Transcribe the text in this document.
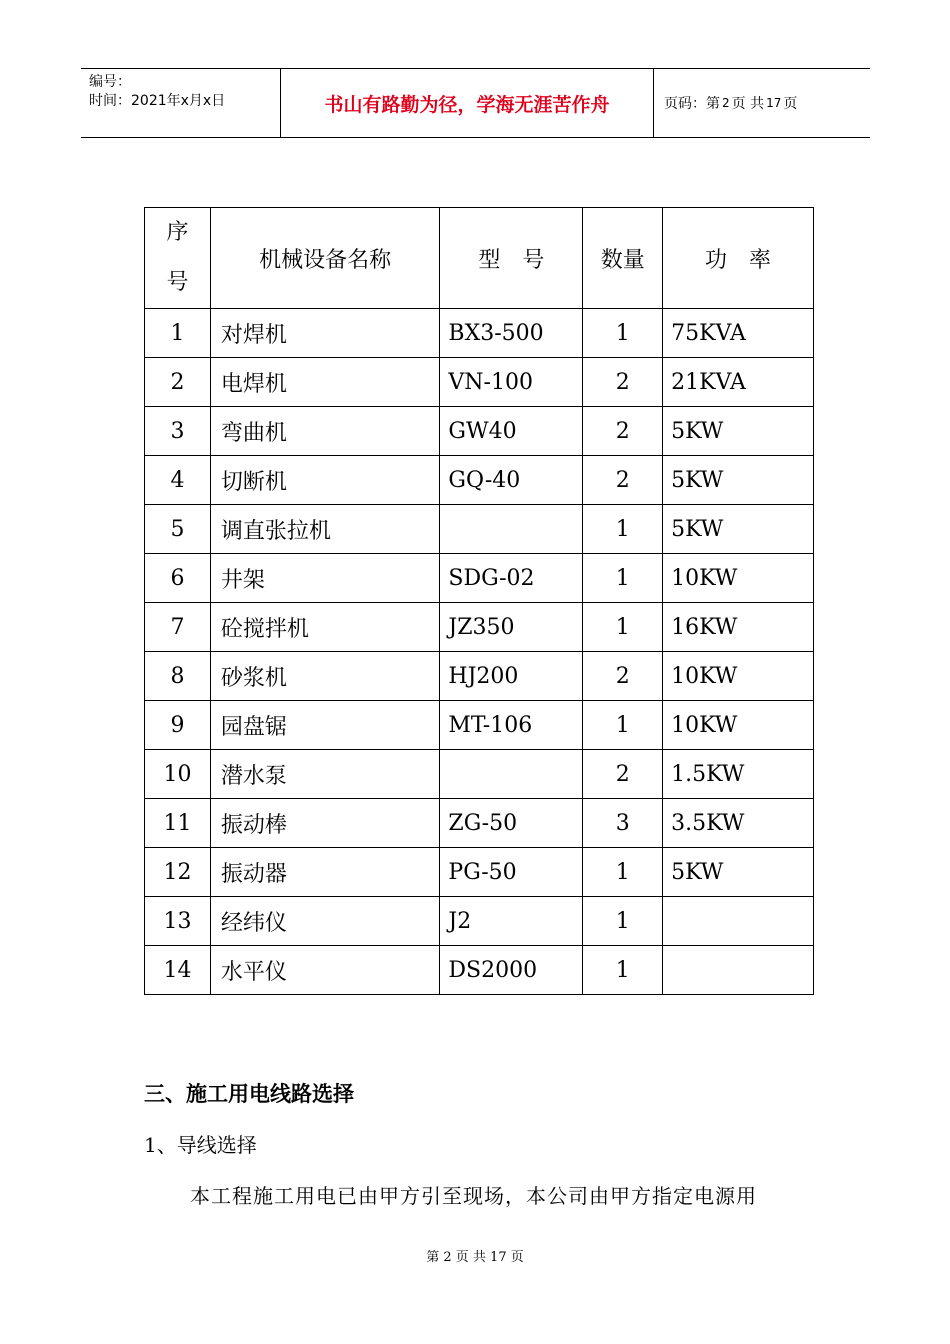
编号：
时间：2021年x月x日	书山有路勤为径，学海无涯苦作舟	页码：第 2 页 共 17 页
序
号	机械设备名称	型　号	数量	功　率
1	对焊机	BX3-500	1	75KVA
2	电焊机	VN-100	2	21KVA
3	弯曲机	GW40	2	5KW
4	切断机	GQ-40	2	5KW
5	调直张拉机		1	5KW
6	井架	SDG-02	1	10KW
7	砼搅拌机	JZ350	1	16KW
8	砂浆机	HJ200	2	10KW
9	园盘锯	MT-106	1	10KW
10	潜水泵		2	1.5KW
11	振动棒	ZG-50	3	3.5KW
12	振动器	PG-50	1	5KW
13	经纬仪	J2	1	
14	水平仪	DS2000	1	
三、施工用电线路选择
1、导线选择
本工程施工用电已由甲方引至现场，本公司由甲方指定电源用
第 2 页 共 17 页
